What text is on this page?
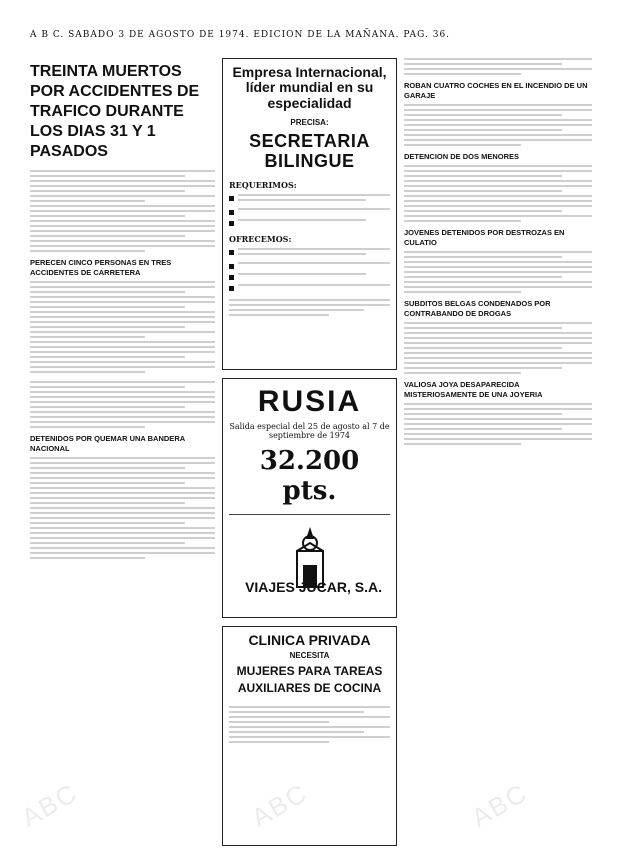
A B C. SABADO 3 DE AGOSTO DE 1974. EDICION DE LA MAÑANA. PAG. 36.
TREINTA MUERTOS POR ACCIDENTES DE TRAFICO DURANTE LOS DIAS 31 Y 1 PASADOS
PERECEN CINCO PERSONAS EN TRES ACCIDENTES DE CARRETERA
DETENIDOS POR QUEMAR UNA BANDERA NACIONAL
Empresa Internacional, líder mundial en su especialidad
PRECISA:
SECRETARIA BILINGUE
REQUERIMOS:
OFRECEMOS:
RUSIA
Salida especial del 25 de agosto al 7 de septiembre de 1974
32.200 pts.
VIAJES JUCAR, S.A.
CLINICA PRIVADA
NECESITA
MUJERES PARA TAREAS
AUXILIARES DE COCINA
ROBAN CUATRO COCHES EN EL INCENDIO DE UN GARAJE
DETENCION DE DOS MENORES
JOVENES DETENIDOS POR DESTROZAS EN CULATIO
SUBDITOS BELGAS CONDENADOS POR CONTRABANDO DE DROGAS
VALIOSA JOYA DESAPARECIDA MISTERIOSAMENTE DE UNA JOYERIA
ABC	ABC	ABC
